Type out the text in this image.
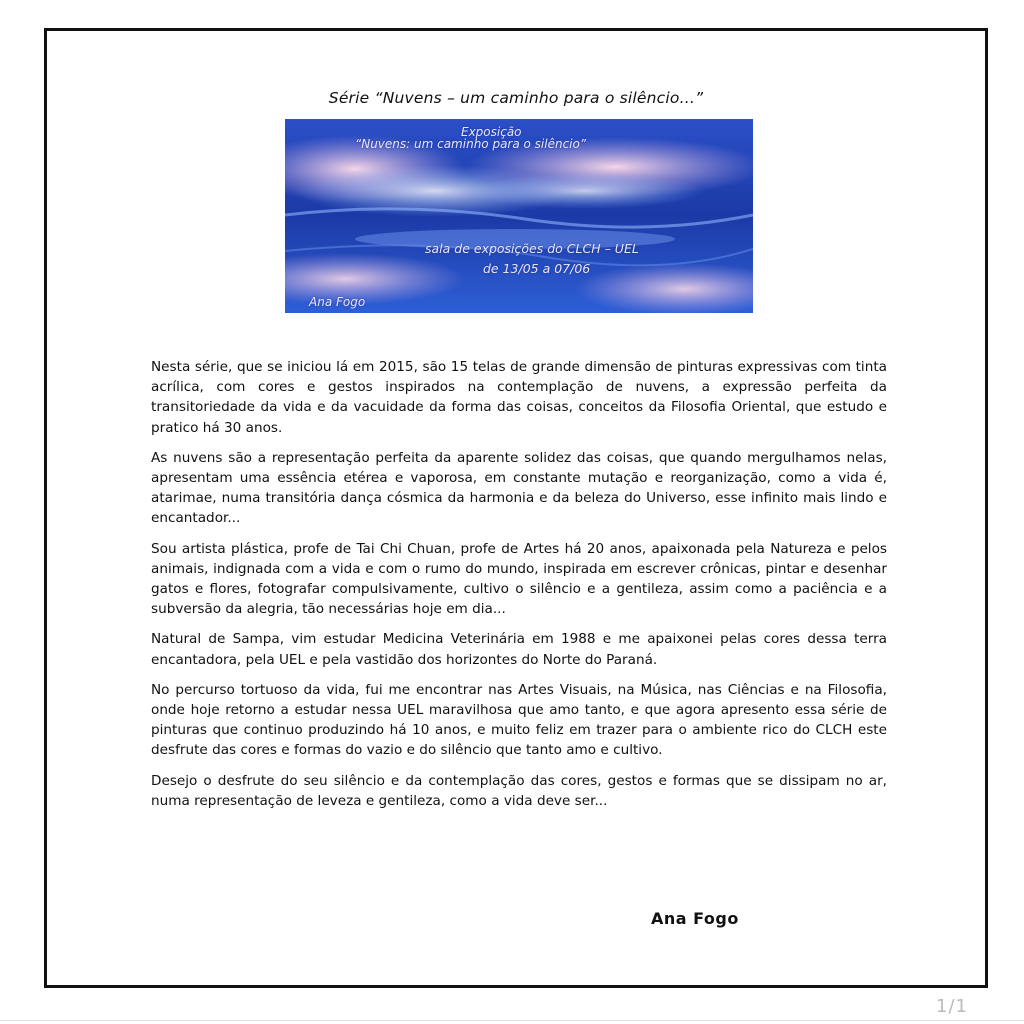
Série “Nuvens – um caminho para o silêncio...”
Exposição
“Nuvens: um caminho para o silêncio”
sala de exposições do CLCH – UEL
de 13/05 a 07/06
Ana Fogo

Nesta série, que se iniciou lá em 2015, são 15 telas de grande dimensão de pinturas expressivas com tinta acrílica, com cores e gestos inspirados na contemplação de nuvens, a expressão perfeita da transitoriedade da vida e da vacuidade da forma das coisas, conceitos da Filosofia Oriental, que estudo e pratico há 30 anos.

As nuvens são a representação perfeita da aparente solidez das coisas, que quando mergulhamos nelas, apresentam uma essência etérea e vaporosa, em constante mutação e reorganização, como a vida é, atarimae, numa transitória dança cósmica da harmonia e da beleza do Universo, esse infinito mais lindo e encantador...

Sou artista plástica, profe de Tai Chi Chuan, profe de Artes há 20 anos, apaixonada pela Natureza e pelos animais, indignada com a vida e com o rumo do mundo, inspirada em escrever crônicas, pintar e desenhar gatos e flores, fotografar compulsivamente, cultivo o silêncio e a gentileza, assim como a paciência e a subversão da alegria, tão necessárias hoje em dia...

Natural de Sampa, vim estudar Medicina Veterinária em 1988 e me apaixonei pelas cores dessa terra encantadora, pela UEL e pela vastidão dos horizontes do Norte do Paraná.

No percurso tortuoso da vida, fui me encontrar nas Artes Visuais, na Música, nas Ciências e na Filosofia, onde hoje retorno a estudar nessa UEL maravilhosa que amo tanto, e que agora apresento essa série de pinturas que continuo produzindo há 10 anos, e muito feliz em trazer para o ambiente rico do CLCH este desfrute das cores e formas do vazio e do silêncio que tanto amo e cultivo.

Desejo o desfrute do seu silêncio e da contemplação das cores, gestos e formas que se dissipam no ar, numa representação de leveza e gentileza, como a vida deve ser...

Ana Fogo
1/1
